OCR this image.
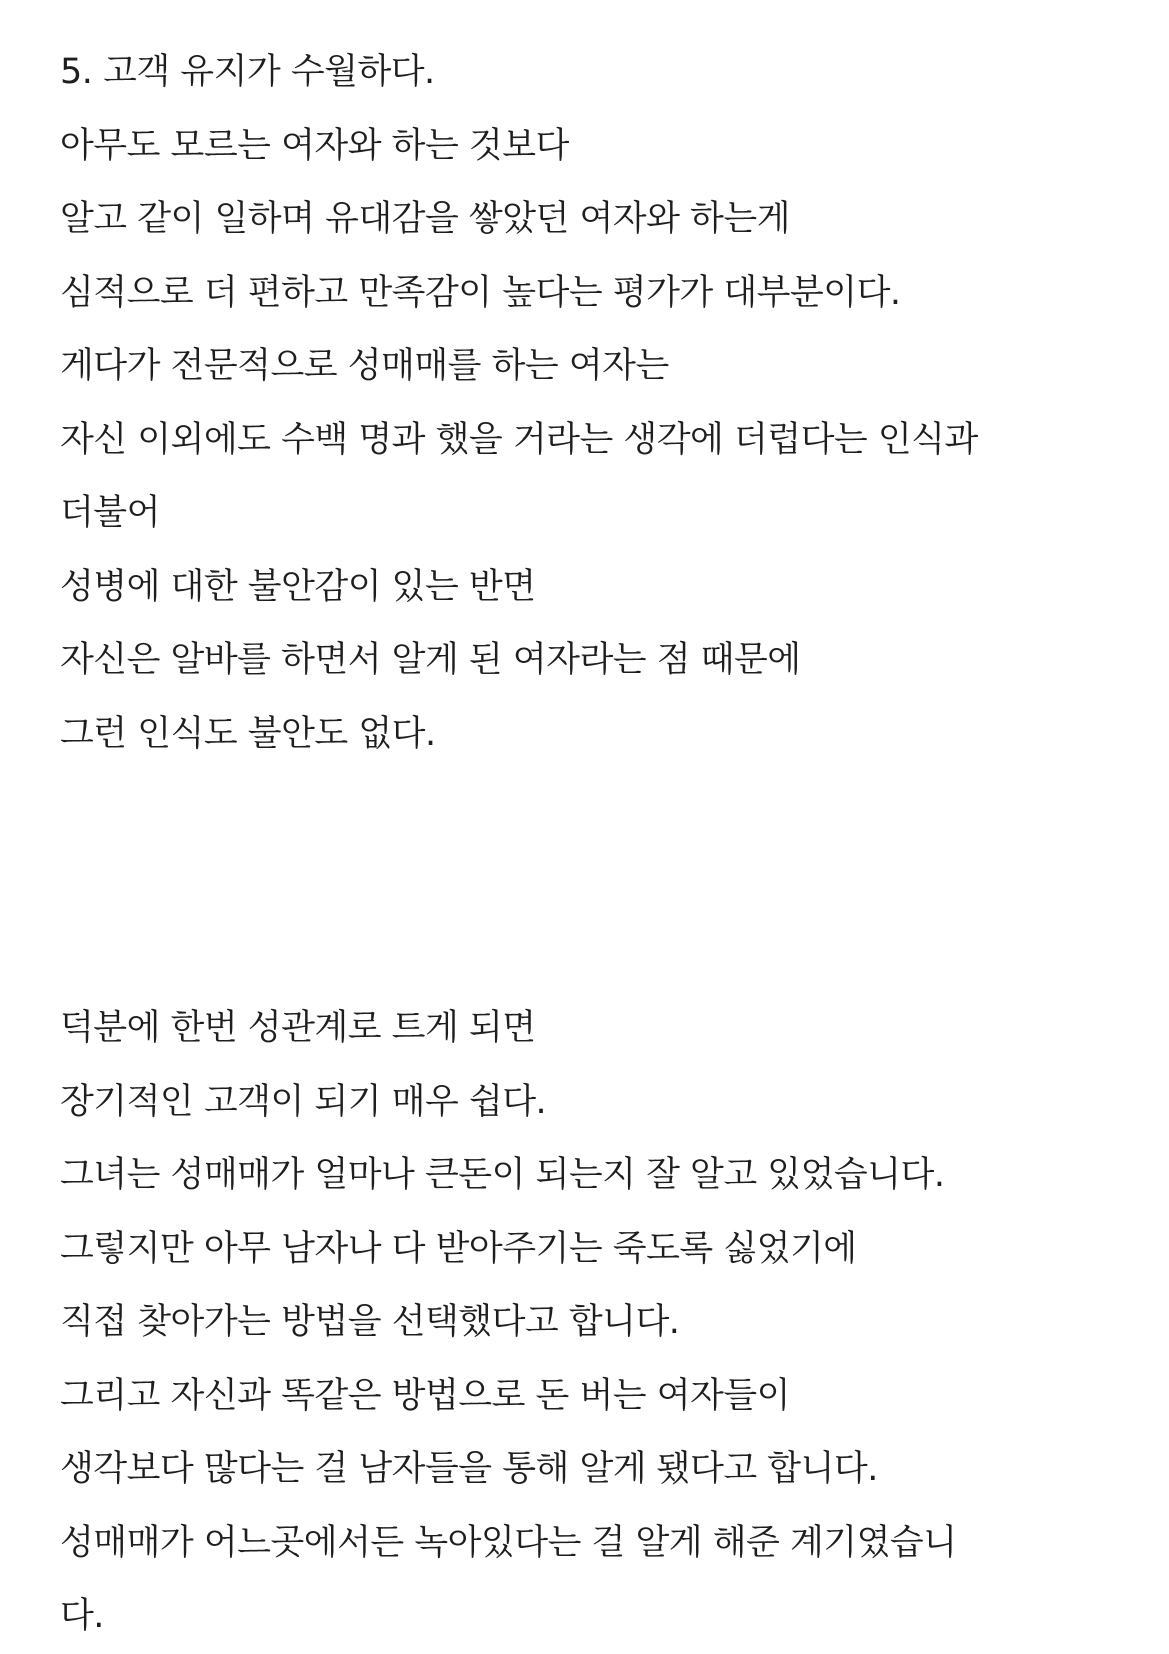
5. 고객 유지가 수월하다.
아무도 모르는 여자와 하는 것보다
알고 같이 일하며 유대감을 쌓았던 여자와 하는게
심적으로 더 편하고 만족감이 높다는 평가가 대부분이다.
게다가 전문적으로 성매매를 하는 여자는
자신 이외에도 수백 명과 했을 거라는 생각에 더럽다는 인식과
더불어
성병에 대한 불안감이 있는 반면
자신은 알바를 하면서 알게 된 여자라는 점 때문에
그런 인식도 불안도 없다.
덕분에 한번 성관계로 트게 되면
장기적인 고객이 되기 매우 쉽다.
그녀는 성매매가 얼마나 큰돈이 되는지 잘 알고 있었습니다.
그렇지만 아무 남자나 다 받아주기는 죽도록 싫었기에
직접 찾아가는 방법을 선택했다고 합니다.
그리고 자신과 똑같은 방법으로 돈 버는 여자들이
생각보다 많다는 걸 남자들을 통해 알게 됐다고 합니다.
성매매가 어느곳에서든 녹아있다는 걸 알게 해준 계기였습니
다.
